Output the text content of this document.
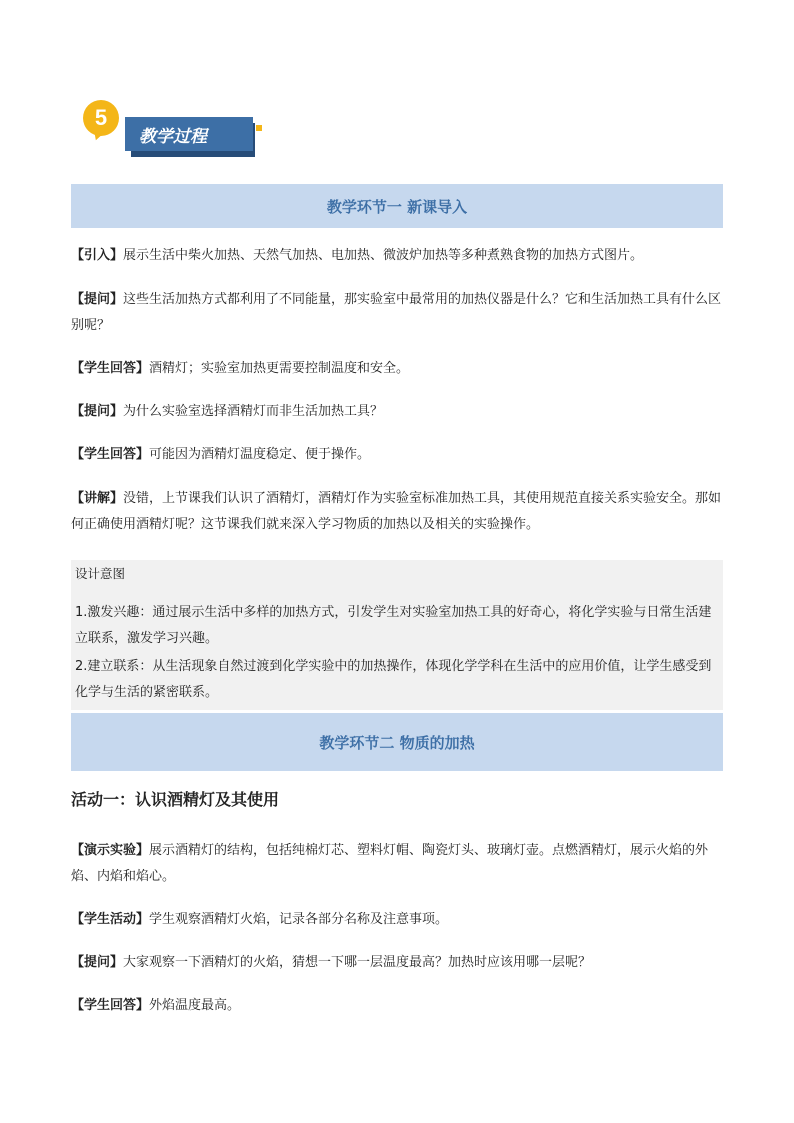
5
教学过程
教学环节一 新课导入

【引入】展示生活中柴火加热、天然气加热、电加热、微波炉加热等多种煮熟食物的加热方式图片。

【提问】这些生活加热方式都利用了不同能量，那实验室中最常用的加热仪器是什么？它和生活加热工具有什么区别呢？

【学生回答】酒精灯；实验室加热更需要控制温度和安全。

【提问】为什么实验室选择酒精灯而非生活加热工具？

【学生回答】可能因为酒精灯温度稳定、便于操作。

【讲解】没错，上节课我们认识了酒精灯，酒精灯作为实验室标准加热工具，其使用规范直接关系实验安全。那如何正确使用酒精灯呢？这节课我们就来深入学习物质的加热以及相关的实验操作。

设计意图

1.激发兴趣：通过展示生活中多样的加热方式，引发学生对实验室加热工具的好奇心，将化学实验与日常生活建立联系，激发学习兴趣。

2.建立联系：从生活现象自然过渡到化学实验中的加热操作，体现化学学科在生活中的应用价值，让学生感受到化学与生活的紧密联系。

教学环节二 物质的加热

活动一：认识酒精灯及其使用

【演示实验】展示酒精灯的结构，包括纯棉灯芯、塑料灯帽、陶瓷灯头、玻璃灯壶。点燃酒精灯，展示火焰的外焰、内焰和焰心。

【学生活动】学生观察酒精灯火焰，记录各部分名称及注意事项。

【提问】大家观察一下酒精灯的火焰，猜想一下哪一层温度最高？加热时应该用哪一层呢？

【学生回答】外焰温度最高。
